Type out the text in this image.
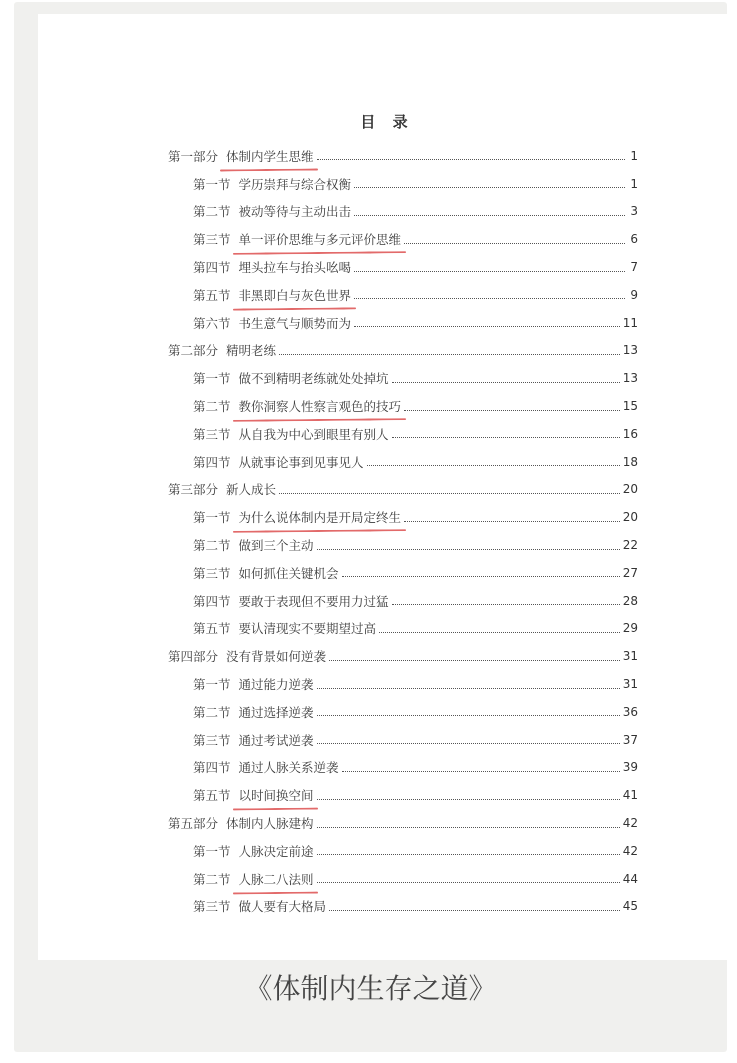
目 录
第一部分 体制内学生思维	1
第一节 学历崇拜与综合权衡	1
第二节 被动等待与主动出击	3
第三节 单一评价思维与多元评价思维	6
第四节 埋头拉车与抬头吆喝	7
第五节 非黑即白与灰色世界	9
第六节 书生意气与顺势而为	11
第二部分 精明老练	13
第一节 做不到精明老练就处处掉坑	13
第二节 教你洞察人性察言观色的技巧	15
第三节 从自我为中心到眼里有别人	16
第四节 从就事论事到见事见人	18
第三部分 新人成长	20
第一节 为什么说体制内是开局定终生	20
第二节 做到三个主动	22
第三节 如何抓住关键机会	27
第四节 要敢于表现但不要用力过猛	28
第五节 要认清现实不要期望过高	29
第四部分 没有背景如何逆袭	31
第一节 通过能力逆袭	31
第二节 通过选择逆袭	36
第三节 通过考试逆袭	37
第四节 通过人脉关系逆袭	39
第五节 以时间换空间	41
第五部分 体制内人脉建构	42
第一节 人脉决定前途	42
第二节 人脉二八法则	44
第三节 做人要有大格局	45
《体制内生存之道》
